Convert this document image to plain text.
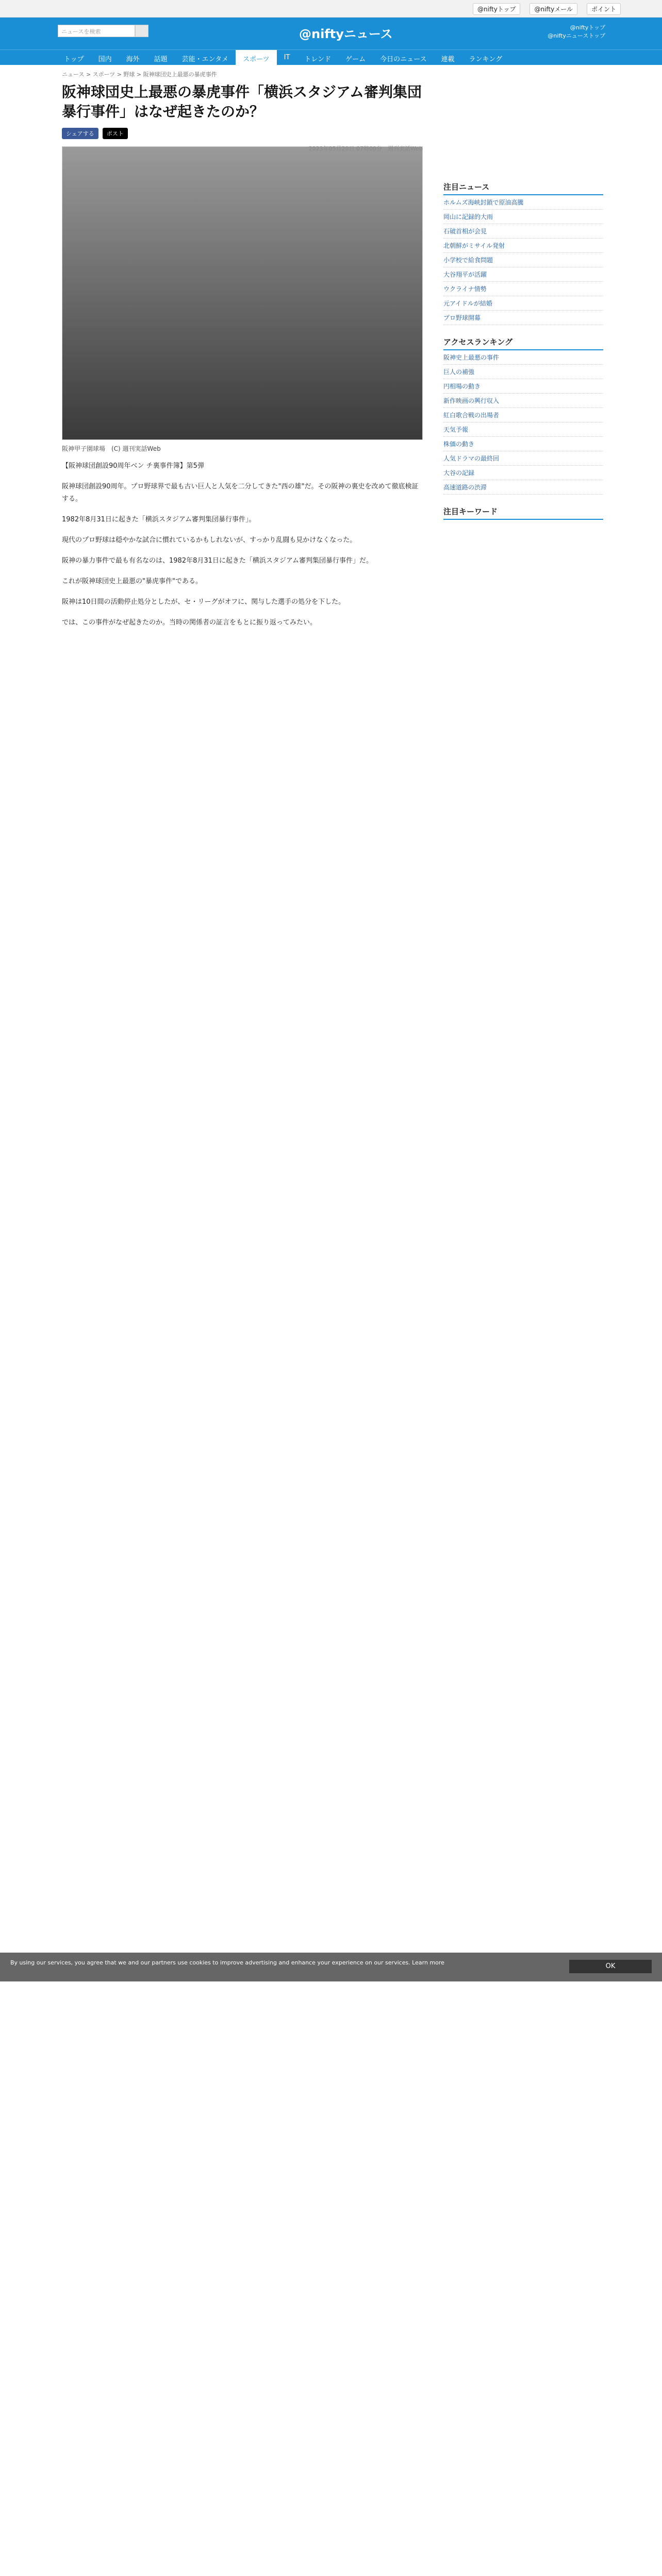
@niftyトップ	@niftyメール	ポイント
ニュースを検索	@niftyニュース	@niftyトップ
@niftyニューストップ
トップ	国内	海外	話題	芸能・エンタメ	スポーツ	IT	トレンド	ゲーム	今日のニュース	連載	ランキング
ニュース > スポーツ > 野球 > 阪神球団史上最悪の暴虎事件
阪神球団史上最悪の暴虎事件「横浜スタジアム審判集団暴行事件」はなぜ起きたのか？
シェアする	ポスト
2023年05月20日 07時00分　週刊実話Web
阪神甲子園球場　(C) 週刊実話Web

【阪神球団創設90周年ベン チ裏事件簿】第5弾

阪神球団創設90周年。プロ野球界で最も古い巨人と人気を二分してきた"西の雄"だ。その阪神の裏史を改めて徹底検証する。

1982年8月31日に起きた「横浜スタジアム審判集団暴行事件」。

現代のプロ野球は穏やかな試合に慣れているかもしれないが、すっかり乱闘も見かけなくなった。

阪神の暴力事件で最も有名なのは、1982年8月31日に起きた「横浜スタジアム審判集団暴行事件」だ。

これが阪神球団史上最悪の"暴虎事件"である。

阪神は10日間の活動停止処分としたが、セ・リーグがオフに、関与した選手の処分を下した。

では、この事件がなぜ起きたのか。当時の関係者の証言をもとに振り返ってみたい。

注目ニュース
ホルムズ海峡封鎖で原油高騰
岡山に記録的大雨
石破首相が会見
北朝鮮がミサイル発射
小学校で給食問題
大谷翔平が活躍
ウクライナ情勢
元アイドルが結婚
プロ野球開幕
アクセスランキング
阪神史上最悪の事件
巨人の補強
円相場の動き
新作映画の興行収入
紅白歌合戦の出場者
天気予報
株価の動き
人気ドラマの最終回
大谷の記録
高速道路の渋滞
注目キーワード
By using our services, you agree that we and our partners use cookies to improve advertising and enhance your experience on our services. Learn more	OK
